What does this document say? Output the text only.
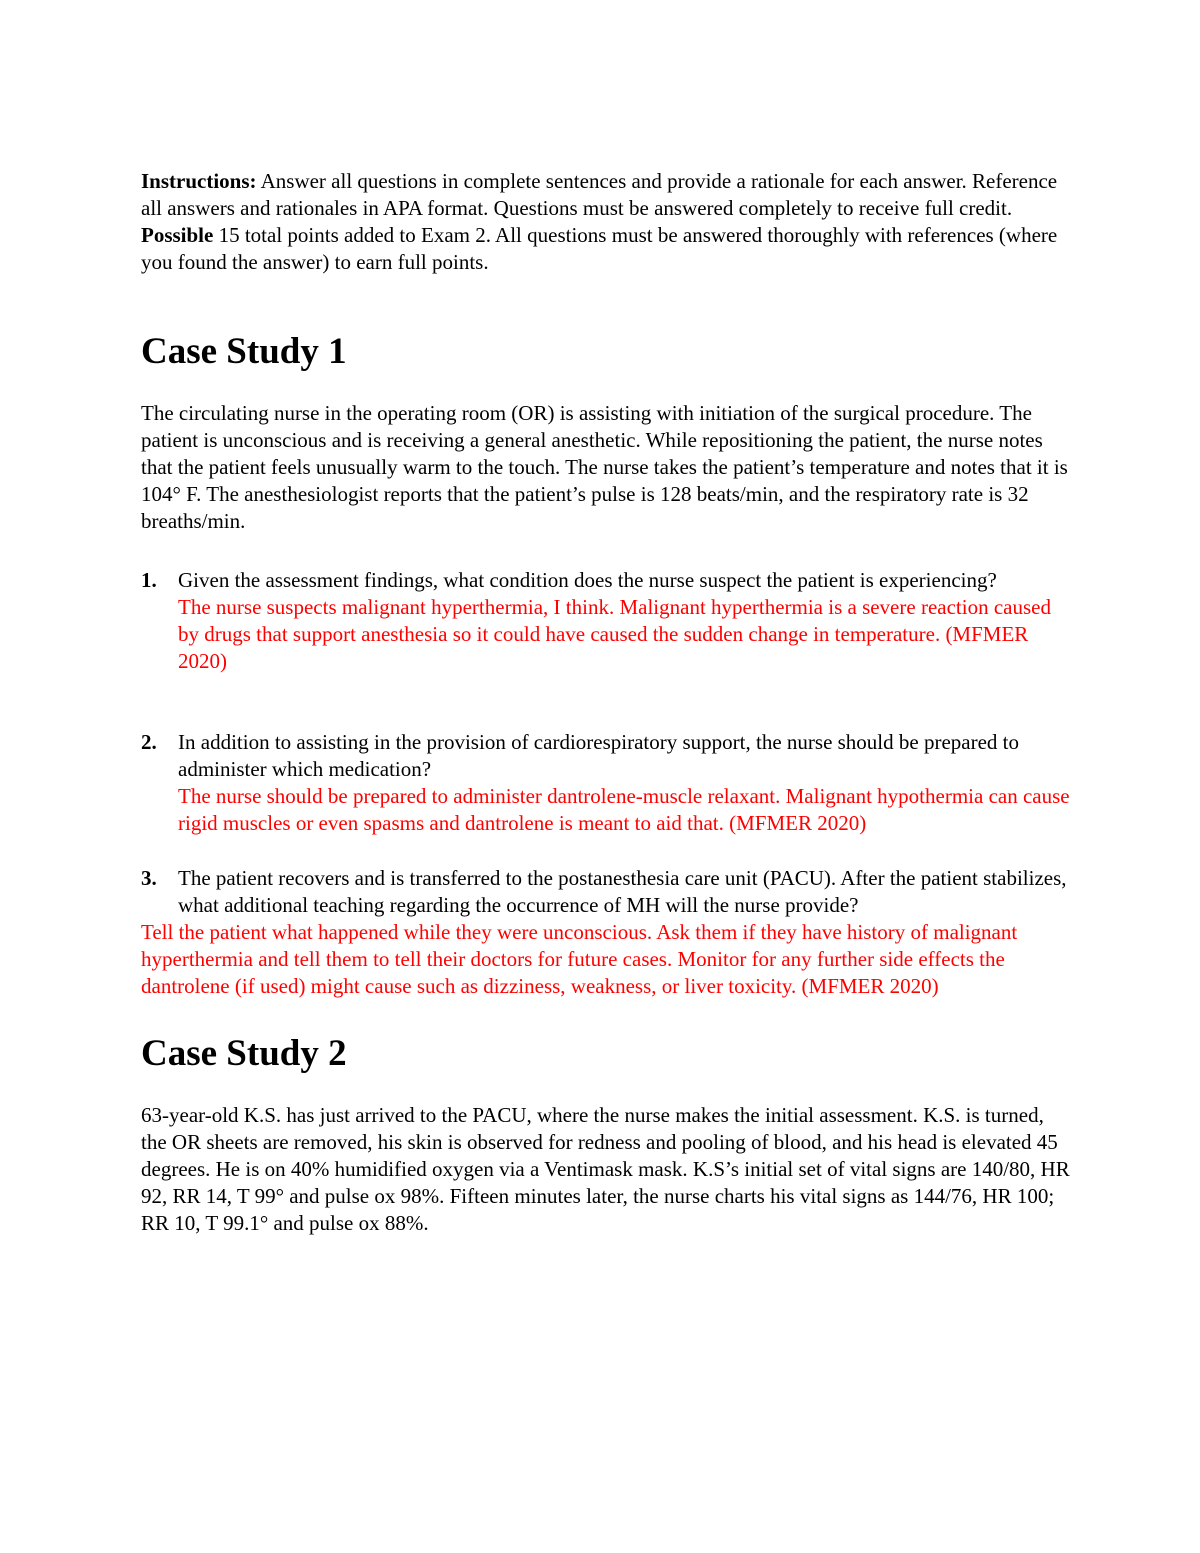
Instructions: Answer all questions in complete sentences and provide a rationale for each answer. Reference all answers and rationales in APA format. Questions must be answered completely to receive full credit. Possible 15 total points added to Exam 2. All questions must be answered thoroughly with references (where you found the answer) to earn full points.

Case Study 1

The circulating nurse in the operating room (OR) is assisting with initiation of the surgical procedure. The patient is unconscious and is receiving a general anesthetic. While repositioning the patient, the nurse notes that the patient feels unusually warm to the touch. The nurse takes the patient’s temperature and notes that it is 104° F. The anesthesiologist reports that the patient’s pulse is 128 beats/min, and the respiratory rate is 32 breaths/min.

1. Given the assessment findings, what condition does the nurse suspect the patient is experiencing?
The nurse suspects malignant hyperthermia, I think. Malignant hyperthermia is a severe reaction caused by drugs that support anesthesia so it could have caused the sudden change in temperature. (MFMER 2020)
2. In addition to assisting in the provision of cardiorespiratory support, the nurse should be prepared to administer which medication?
The nurse should be prepared to administer dantrolene-muscle relaxant. Malignant hypothermia can cause rigid muscles or even spasms and dantrolene is meant to aid that. (MFMER 2020)
3. The patient recovers and is transferred to the postanesthesia care unit (PACU). After the patient stabilizes, what additional teaching regarding the occurrence of MH will the nurse provide?

Tell the patient what happened while they were unconscious. Ask them if they have history of malignant hyperthermia and tell them to tell their doctors for future cases. Monitor for any further side effects the dantrolene (if used) might cause such as dizziness, weakness, or liver toxicity. (MFMER 2020)

Case Study 2

63-year-old K.S. has just arrived to the PACU, where the nurse makes the initial assessment. K.S. is turned, the OR sheets are removed, his skin is observed for redness and pooling of blood, and his head is elevated 45 degrees. He is on 40% humidified oxygen via a Ventimask mask. K.S’s initial set of vital signs are 140/80, HR 92, RR 14, T 99° and pulse ox 98%. Fifteen minutes later, the nurse charts his vital signs as 144/76, HR 100; RR 10, T 99.1° and pulse ox 88%.
